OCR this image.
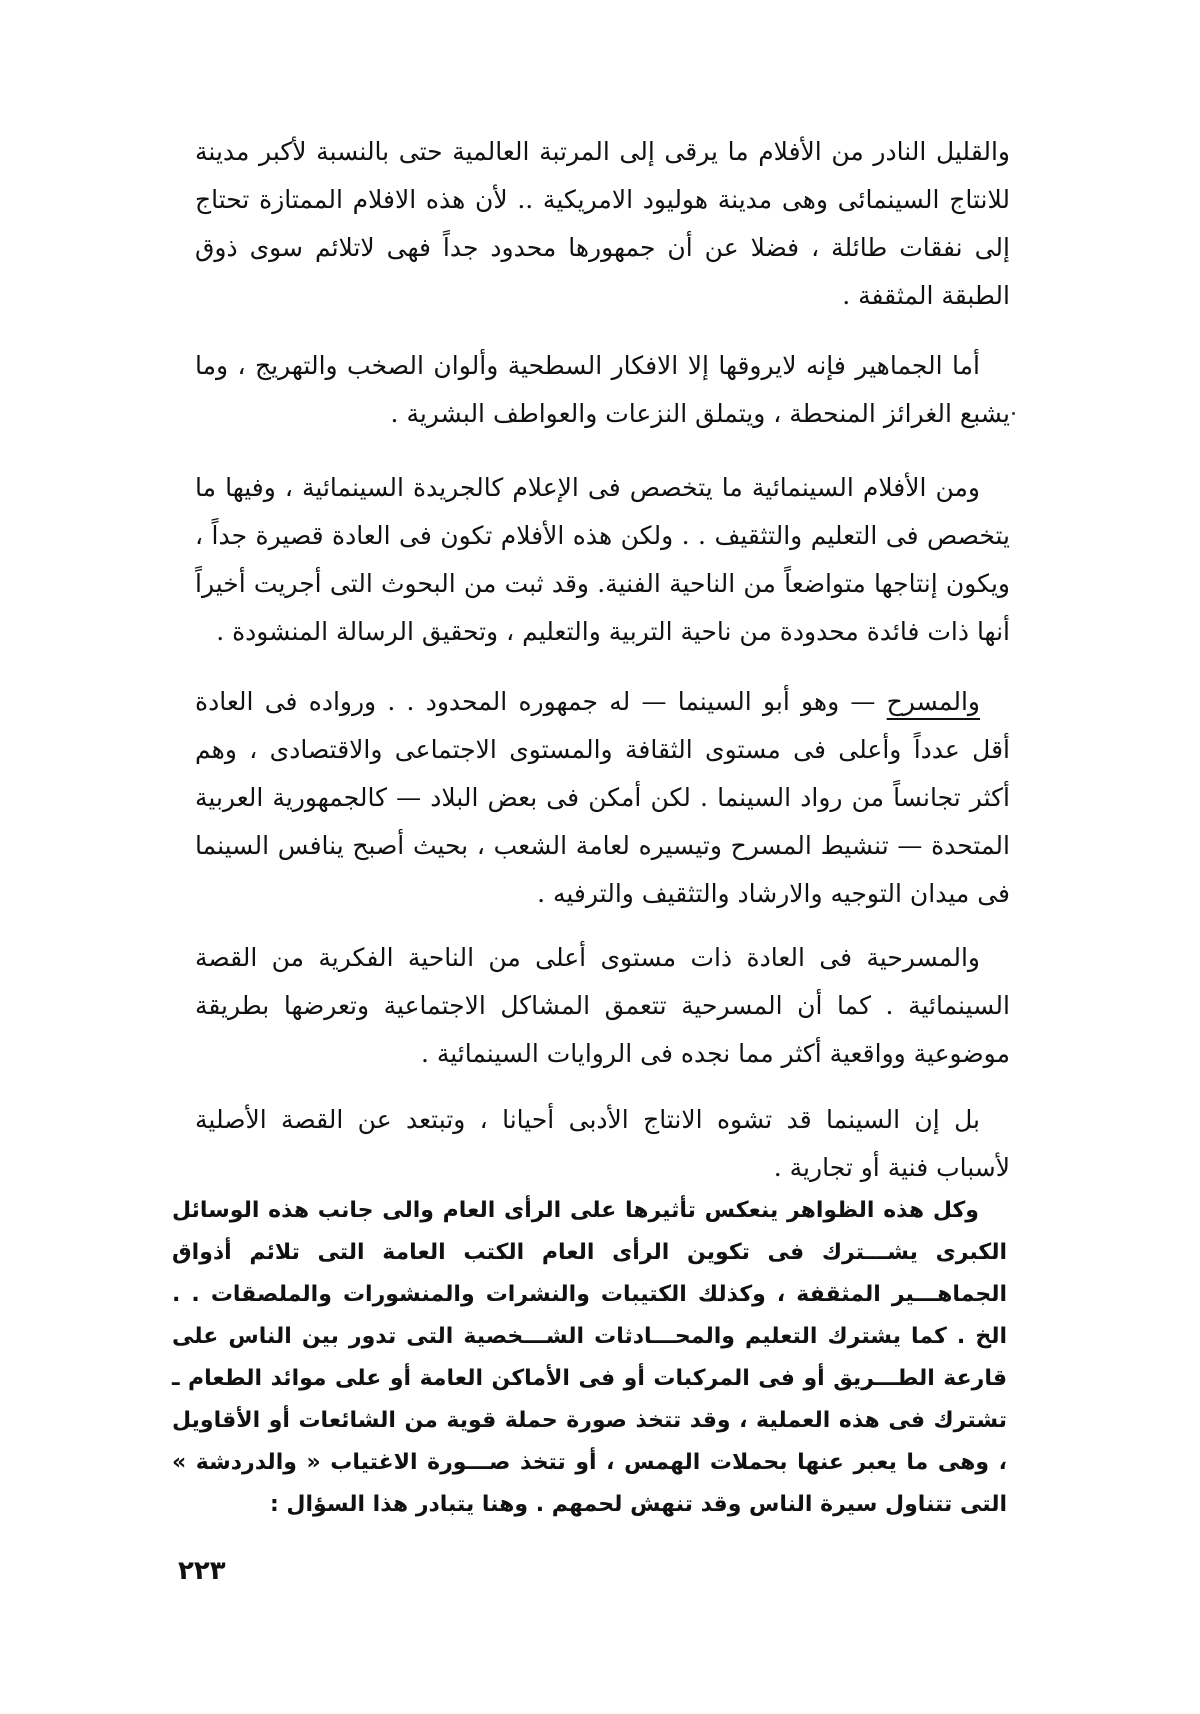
والقليل النادر من الأفلام ما يرقى إلى المرتبة العالمية حتى بالنسبة لأكبر مدينة للانتاج السينمائى وهى مدينة هوليود الامريكية .. لأن هذه الافلام الممتازة تحتاج إلى نفقات طائلة ، فضلا عن أن جمهورها محدود جداً فهى لاتلائم سوى ذوق الطبقة المثقفة .

أما الجماهير فإنه لايروقها إلا الافكار السطحية وألوان الصخب والتهريج ، وما يشبع الغرائز المنحطة ، ويتملق النزعات والعواطف البشرية .

ومن الأفلام السينمائية ما يتخصص فى الإعلام كالجريدة السينمائية ، وفيها ما يتخصص فى التعليم والتثقيف . . ولكن هذه الأفلام تكون فى العادة قصيرة جداً ، ويكون إنتاجها متواضعاً من الناحية الفنية. وقد ثبت من البحوث التى أجريت أخيراً أنها ذات فائدة محدودة من ناحية التربية والتعليم ، وتحقيق الرسالة المنشودة .

والمسرح — وهو أبو السينما — له جمهوره المحدود . . ورواده فى العادة أقل عدداً وأعلى فى مستوى الثقافة والمستوى الاجتماعى والاقتصادى ، وهم أكثر تجانساً من رواد السينما . لكن أمكن فى بعض البلاد — كالجمهورية العربية المتحدة — تنشيط المسرح وتيسيره لعامة الشعب ، بحيث أصبح ينافس السينما فى ميدان التوجيه والارشاد والتثقيف والترفيه .

والمسرحية فى العادة ذات مستوى أعلى من الناحية الفكرية من القصة السينمائية . كما أن المسرحية تتعمق المشاكل الاجتماعية وتعرضها بطريقة موضوعية وواقعية أكثر مما نجده فى الروايات السينمائية .

بل إن السينما قد تشوه الانتاج الأدبى أحيانا ، وتبتعد عن القصة الأصلية لأسباب فنية أو تجارية .

وكل هذه الظواهر ينعكس تأثيرها على الرأى العام والى جانب هذه الوسائل الكبرى يشـــترك فى تكوين الرأى العام الكتب العامة التى تلائم أذواق الجماهـــير المثقفة ، وكذلك الكتيبات والنشرات والمنشورات والملصقات . . الخ . كما يشترك التعليم والمحـــادثات الشـــخصية التى تدور بين الناس على قارعة الطـــريق أو فى المركبات أو فى الأماكن العامة أو على موائد الطعام ـ تشترك فى هذه العملية ، وقد تتخذ صورة حملة قوية من الشائعات أو الأقاويل ، وهى ما يعبر عنها بحملات الهمس ، أو تتخذ صـــورة الاغتياب « والدردشة » التى تتناول سيرة الناس وقد تنهش لحمهم . وهنا يتبادر هذا السؤال :

٢٢٣
